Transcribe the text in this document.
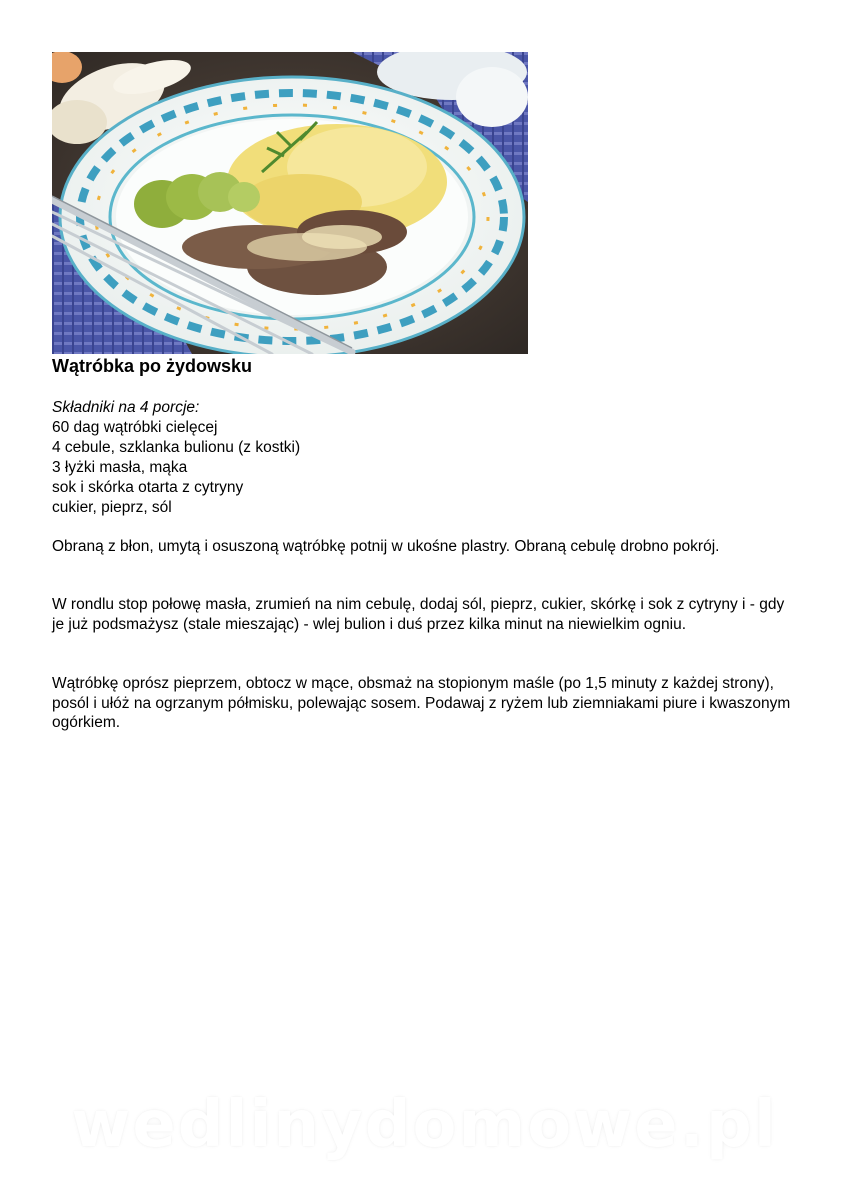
Wątróbka po żydowsku
Składniki na 4 porcje:
60 dag wątróbki cielęcej
4 cebule, szklanka bulionu (z kostki)
3 łyżki masła, mąka
sok i skórka otarta z cytryny
cukier, pieprz, sól

Obraną z błon, umytą i osuszoną wątróbkę potnij w ukośne plastry. Obraną cebulę drobno pokrój.

W rondlu stop połowę masła, zrumień na nim cebulę, dodaj sól, pieprz, cukier, skórkę i sok z cytryny i - gdy je już podsmażysz (stale mieszając) - wlej bulion i duś przez kilka minut na niewielkim ogniu.

Wątróbkę oprósz pieprzem, obtocz w mące, obsmaż na stopionym maśle (po 1,5 minuty z każdej strony), posól i ułóż na ogrzanym półmisku, polewając sosem. Podawaj z ryżem lub ziemniakami piure i kwaszonym ogórkiem.

wedlinydomowe.pl
